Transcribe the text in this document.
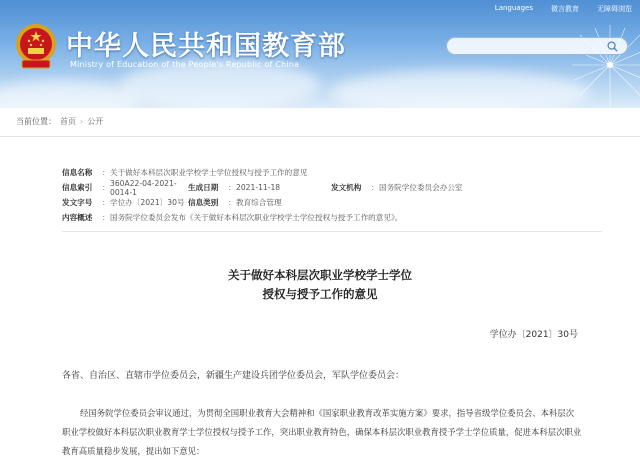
中华人民共和国教育部
Ministry of Education of the People's Republic of China
Languages	微言教育	无障碍浏览
当前位置： 首页 › 公开
信息名称	： 关于做好本科层次职业学校学士学位授权与授予工作的意见
信息索引	： 360A22-04-2021-0014-1	生成日期	： 2021-11-18	发文机构	： 国务院学位委员会办公室
发文字号	： 学位办〔2021〕30号 信息类别	： 教育综合管理
内容概述	： 国务院学位委员会发布《关于做好本科层次职业学校学士学位授权与授予工作的意见》。
关于做好本科层次职业学校学士学位
授权与授予工作的意见
学位办〔2021〕30号
各省、自治区、直辖市学位委员会，新疆生产建设兵团学位委员会，军队学位委员会：
经国务院学位委员会审议通过，为贯彻全国职业教育大会精神和《国家职业教育改革实施方案》要求，指导省级学位委员会、本科层次职业学校做好本科层次职业教育学士学位授权与授予工作，突出职业教育特色，确保本科层次职业教育授予学士学位质量，促进本科层次职业教育高质量稳步发展，提出如下意见：
